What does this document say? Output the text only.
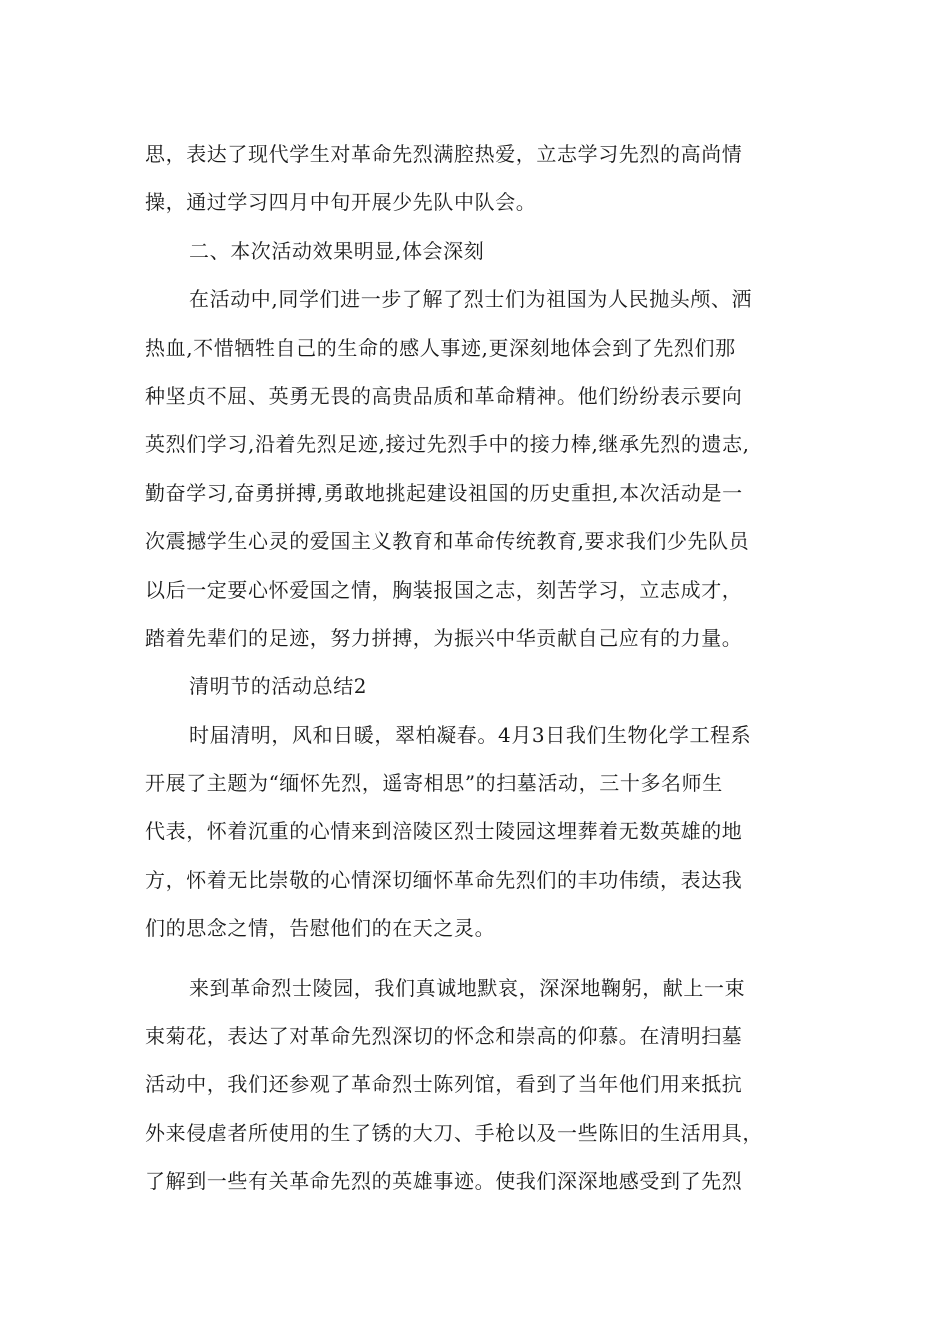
思，表达了现代学生对革命先烈满腔热爱，立志学习先烈的高尚情
操，通过学习四月中旬开展少先队中队会。
二、本次活动效果明显,体会深刻
在活动中,同学们进一步了解了烈士们为祖国为人民抛头颅、洒
热血,不惜牺牲自己的生命的感人事迹,更深刻地体会到了先烈们那
种坚贞不屈、英勇无畏的高贵品质和革命精神。他们纷纷表示要向
英烈们学习,沿着先烈足迹,接过先烈手中的接力棒,继承先烈的遗志,
勤奋学习,奋勇拼搏,勇敢地挑起建设祖国的历史重担,本次活动是一
次震撼学生心灵的爱国主义教育和革命传统教育,要求我们少先队员
以后一定要心怀爱国之情，胸装报国之志，刻苦学习，立志成才，
踏着先辈们的足迹，努力拼搏，为振兴中华贡献自己应有的力量。
清明节的活动总结2
时届清明，风和日暖，翠柏凝春。4月3日我们生物化学工程系
开展了主题为“缅怀先烈，遥寄相思”的扫墓活动，三十多名师生
代表，怀着沉重的心情来到涪陵区烈士陵园这埋葬着无数英雄的地
方，怀着无比崇敬的心情深切缅怀革命先烈们的丰功伟绩，表达我
们的思念之情，告慰他们的在天之灵。
来到革命烈士陵园，我们真诚地默哀，深深地鞠躬，献上一束
束菊花，表达了对革命先烈深切的怀念和崇高的仰慕。在清明扫墓
活动中，我们还参观了革命烈士陈列馆，看到了当年他们用来抵抗
外来侵虐者所使用的生了锈的大刀、手枪以及一些陈旧的生活用具，
了解到一些有关革命先烈的英雄事迹。使我们深深地感受到了先烈
